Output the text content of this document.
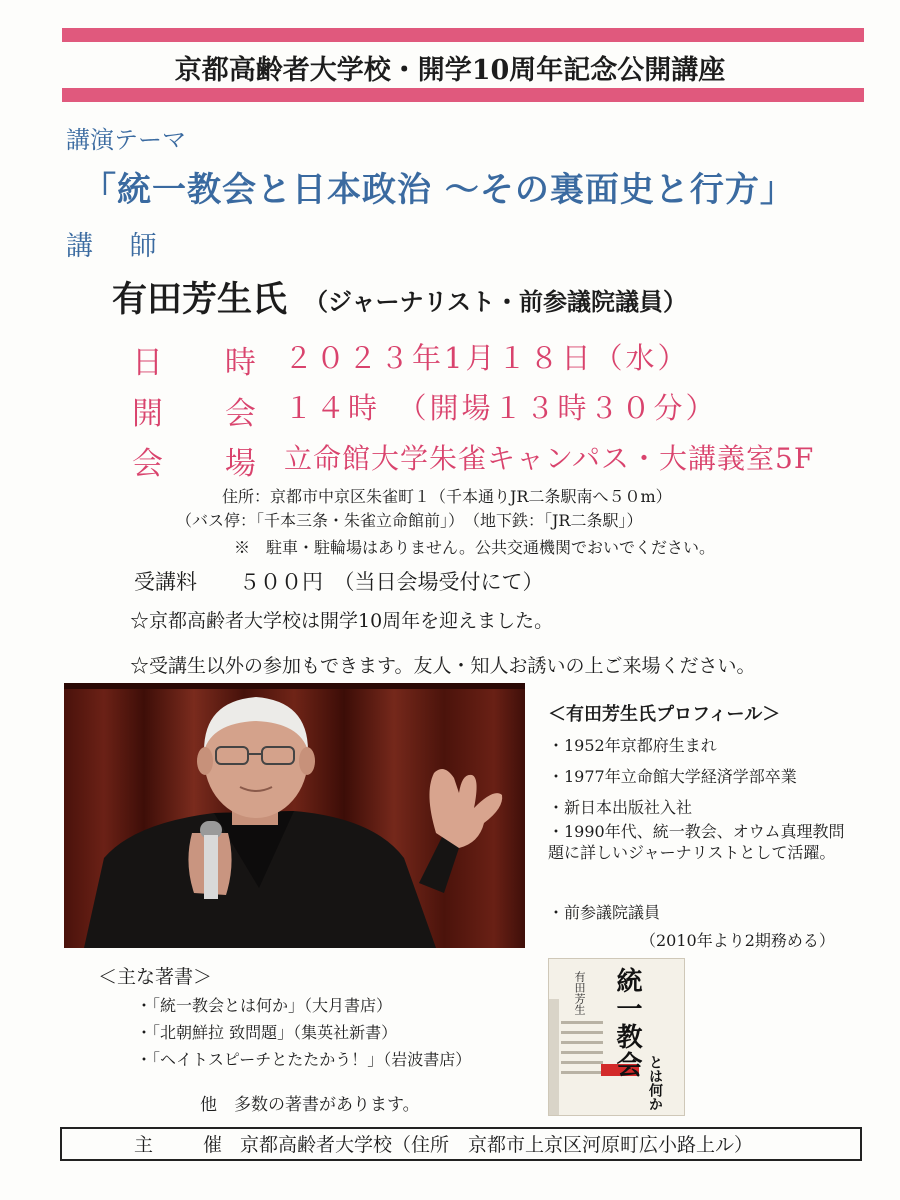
京都高齢者大学校・開学10周年記念公開講座
講演テーマ
「統一教会と日本政治 ～その裏面史と行方」
講 師
有田芳生氏 （ジャーナリスト・前参議院議員）
日 時 ２０２３年1月１８日（水）
開 会 １４時　（開場１３時３０分）
会 場 立命館大学朱雀キャンパス・大講義室5F
住所：京都市中京区朱雀町１（千本通りJR二条駅南へ５０m）
（バス停：「千本三条・朱雀立命館前」）　（地下鉄：「JR二条駅」）
※　駐車・駐輪場はありません。公共交通機関でおいでください。
受講料　　５００円　（当日会場受付にて）
☆京都高齢者大学校は開学10周年を迎えました。
☆受講生以外の参加もできます。友人・知人お誘いの上ご来場ください。
＜有田芳生氏プロフィール＞
・1952年京都府生まれ
・1977年立命館大学経済学部卒業
・新日本出版社入社
・1990年代、統一教会、オウム真理教問題に詳しいジャーナリストとして活躍。
・前参議院議員
（2010年より2期務める）
＜主な著書＞
・「統一教会とは何か」（大月書店）
・「北朝鮮拉 致問題」（集英社新書）
・「ヘイトスピーチとたたかう！」（岩波書店）
他　多数の著書があります。
統一教会
とは何か
有田芳生
主 催
京都高齢者大学校（住所　京都市上京区河原町広小路上ル）
